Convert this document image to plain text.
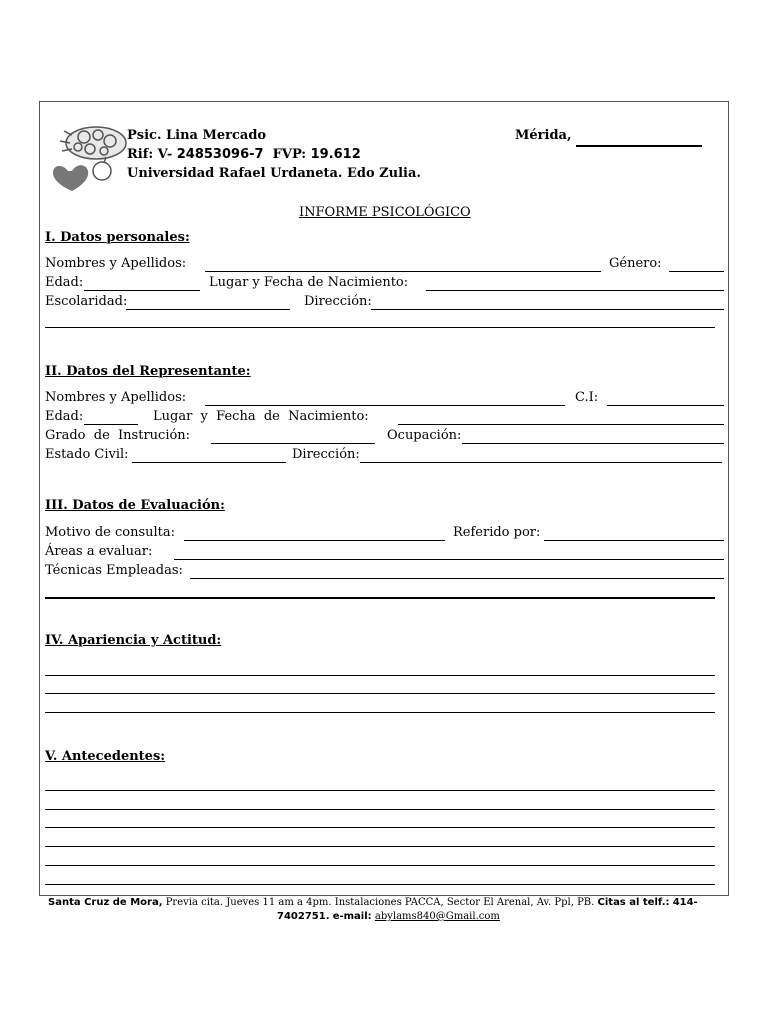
Psic. Lina Mercado
Rif: V- 24853096-7 FVP: 19.612
Universidad Rafael Urdaneta. Edo Zulia.
Mérida,
INFORME PSICOLÓGICO
I. Datos personales:
Nombres y Apellidos:	Género:
Edad:	Lugar y Fecha de Nacimiento:
Escolaridad:	Dirección:
II. Datos del Representante:
Nombres y Apellidos:	C.I:
Edad:	Lugar  y  Fecha  de  Nacimiento:
Grado  de  Instrución:	Ocupación:
Estado Civil:	Dirección:
III. Datos de Evaluación:
Motivo de consulta:	Referido por:
Áreas a evaluar:
Técnicas Empleadas:
IV. Apariencia y Actitud:
V. Antecedentes:
Santa Cruz de Mora, Previa cita. Jueves 11 am a 4pm. Instalaciones PACCA, Sector El Arenal, Av. Ppl, PB. Citas al telf.: 414-
7402751. e-mail: abylams840@Gmail.com
